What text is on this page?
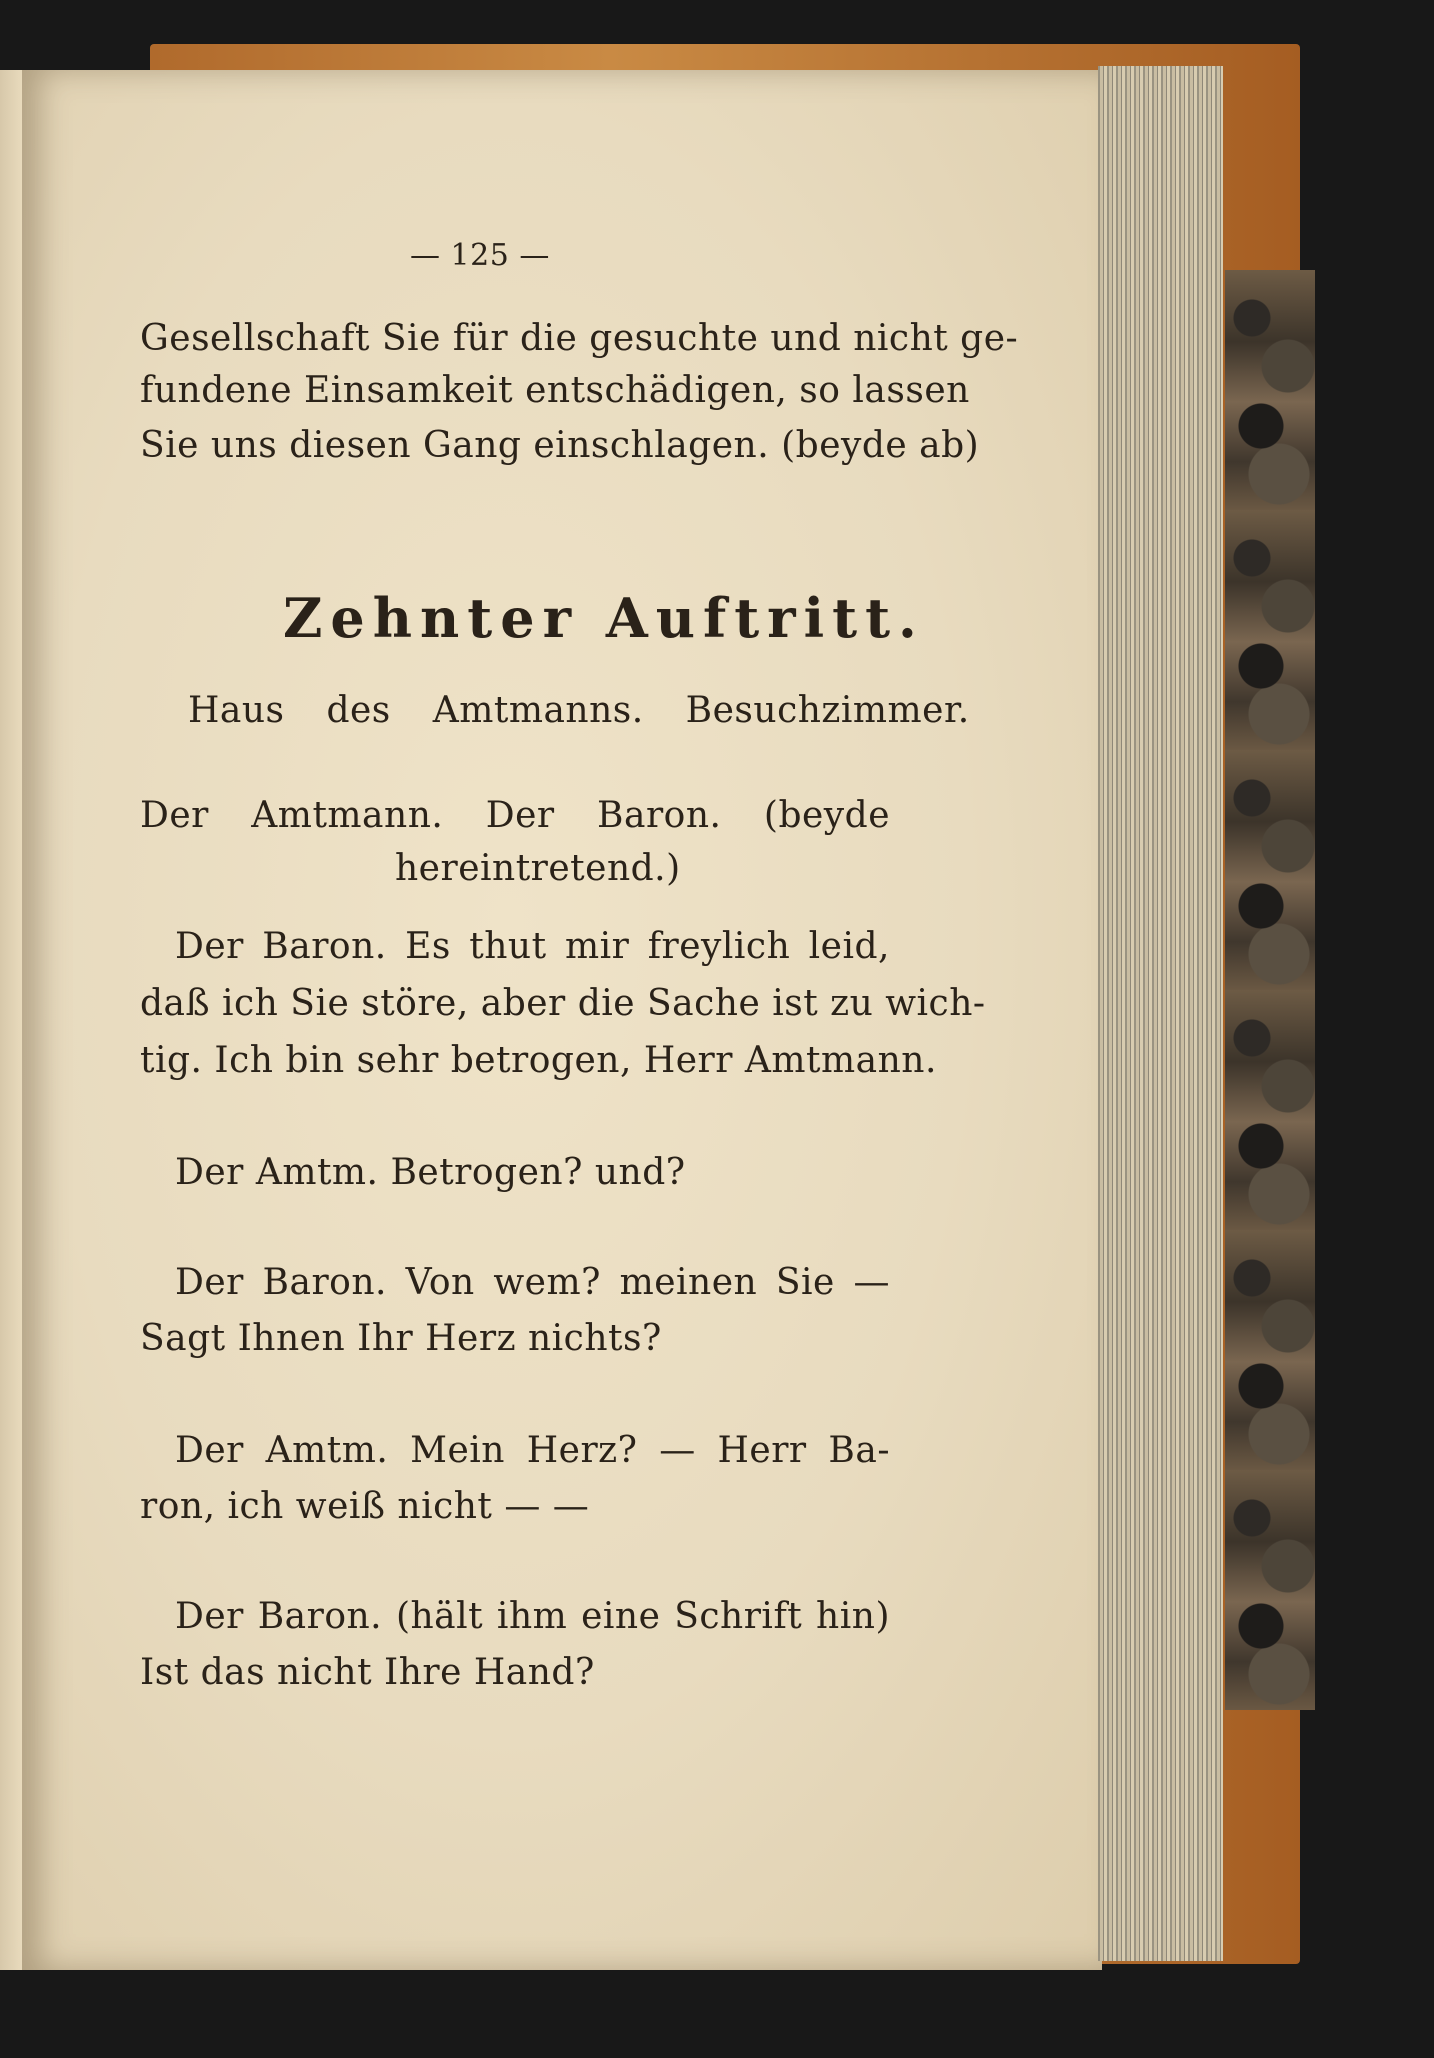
— 125 —
Gesellschaft Sie für die gesuchte und nicht ge-
fundene Einsamkeit entschädigen, so lassen
Sie uns diesen Gang einschlagen. (beyde ab)
Zehnter Auftritt.
Haus des Amtmanns. Besuchzimmer.
Der Amtmann. Der Baron. (beyde
hereintretend.)
Der Baron. Es thut mir freylich leid,
daß ich Sie störe, aber die Sache ist zu wich-
tig. Ich bin sehr betrogen, Herr Amtmann.
Der Amtm. Betrogen? und?
Der Baron. Von wem? meinen Sie —
Sagt Ihnen Ihr Herz nichts?
Der Amtm. Mein Herz? — Herr Ba-
ron, ich weiß nicht — —
Der Baron. (hält ihm eine Schrift hin)
Ist das nicht Ihre Hand?
